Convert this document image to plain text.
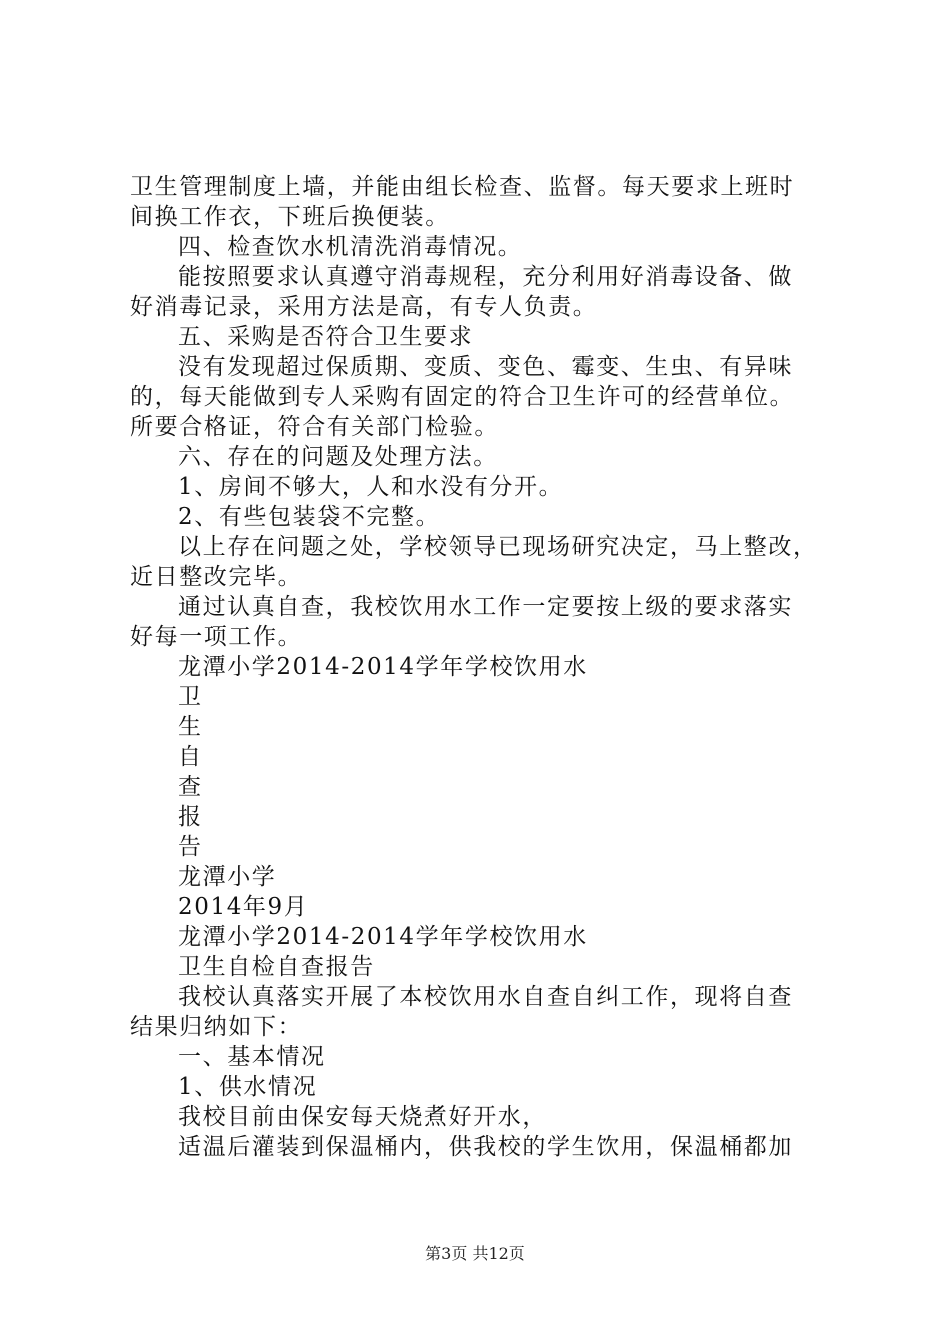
卫生管理制度上墙，并能由组长检查、监督。每天要求上班时
间换工作衣，下班后换便装。
四、检查饮水机清洗消毒情况。
能按照要求认真遵守消毒规程，充分利用好消毒设备、做
好消毒记录，采用方法是高，有专人负责。
五、采购是否符合卫生要求
没有发现超过保质期、变质、变色、霉变、生虫、有异味
的，每天能做到专人采购有固定的符合卫生许可的经营单位。
所要合格证，符合有关部门检验。
六、存在的问题及处理方法。
1、房间不够大，人和水没有分开。
2、有些包装袋不完整。
以上存在问题之处，学校领导已现场研究决定，马上整改，
近日整改完毕。
通过认真自查，我校饮用水工作一定要按上级的要求落实
好每一项工作。
龙潭小学2014-2014学年学校饮用水
卫
生
自
查
报
告
龙潭小学
2014年9月
龙潭小学2014-2014学年学校饮用水
卫生自检自查报告
我校认真落实开展了本校饮用水自查自纠工作，现将自查
结果归纳如下：
一、基本情况
1、供水情况
我校目前由保安每天烧煮好开水，
适温后灌装到保温桶内，供我校的学生饮用，保温桶都加
第3页 共12页
